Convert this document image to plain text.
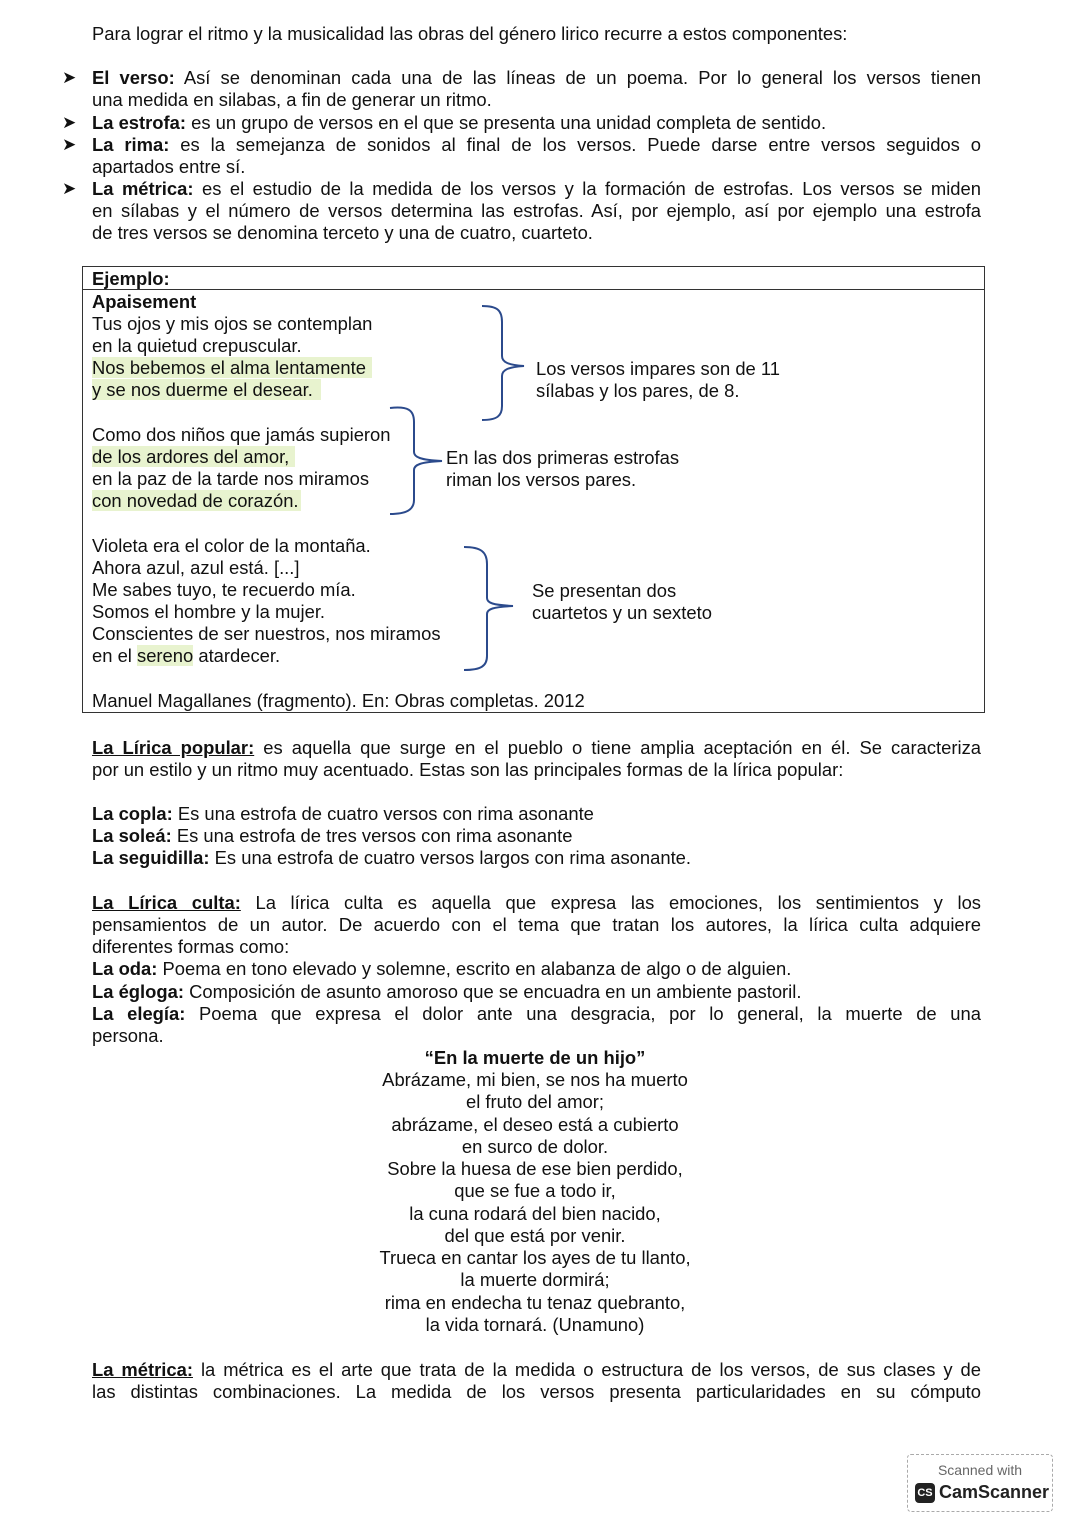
Para lograr el ritmo y la musicalidad las obras del género lirico recurre a estos componentes:
➤ El verso: Así se denominan cada una de las líneas de un poema. Por lo general los versos tienen
una medida en silabas, a fin de generar un ritmo.
➤ La estrofa: es un grupo de versos en el que se presenta una unidad completa de sentido.
➤ La rima: es la semejanza de sonidos al final de los versos. Puede darse entre versos seguidos o
apartados entre sí.
➤ La métrica: es el estudio de la medida de los versos y la formación de estrofas. Los versos se miden
en sílabas y el número de versos determina las estrofas. Así, por ejemplo, así por ejemplo una estrofa
de tres versos se denomina terceto y una de cuatro, cuarteto.
Ejemplo:
Apaisement
Tus ojos y mis ojos se contemplan
en la quietud crepuscular.
Nos bebemos el alma lentamente
y se nos duerme el desear.
Como dos niños que jamás supieron
de los ardores del amor,
en la paz de la tarde nos miramos
con novedad de corazón.
Violeta era el color de la montaña.
Ahora azul, azul está. [...]
Me sabes tuyo, te recuerdo mía.
Somos el hombre y la mujer.
Conscientes de ser nuestros, nos miramos
en el sereno atardecer.
Los versos impares son de 11
sílabas y los pares, de 8.
En las dos primeras estrofas
riman los versos pares.
Se presentan dos
cuartetos y un sexteto
Manuel Magallanes (fragmento). En: Obras completas. 2012
La Lírica popular: es aquella que surge en el pueblo o tiene amplia aceptación en él. Se caracteriza
por un estilo y un ritmo muy acentuado. Estas son las principales formas de la lírica popular:
La copla: Es una estrofa de cuatro versos con rima asonante
La soleá: Es una estrofa de tres versos con rima asonante
La seguidilla: Es una estrofa de cuatro versos largos con rima asonante.
La Lírica culta: La lírica culta es aquella que expresa las emociones, los sentimientos y los
pensamientos de un autor. De acuerdo con el tema que tratan los autores, la lírica culta adquiere
diferentes formas como:
La oda: Poema en tono elevado y solemne, escrito en alabanza de algo o de alguien.
La égloga: Composición de asunto amoroso que se encuadra en un ambiente pastoril.
La elegía: Poema que expresa el dolor ante una desgracia, por lo general, la muerte de una
persona.
“En la muerte de un hijo”
Abrázame, mi bien, se nos ha muerto
el fruto del amor;
abrázame, el deseo está a cubierto
en surco de dolor.
Sobre la huesa de ese bien perdido,
que se fue a todo ir,
la cuna rodará del bien nacido,
del que está por venir.
Trueca en cantar los ayes de tu llanto,
la muerte dormirá;
rima en endecha tu tenaz quebranto,
la vida tornará. (Unamuno)
La métrica: la métrica es el arte que trata de la medida o estructura de los versos, de sus clases y de
las distintas combinaciones. La medida de los versos presenta particularidades en su cómputo
Scanned with
CS CamScanner
